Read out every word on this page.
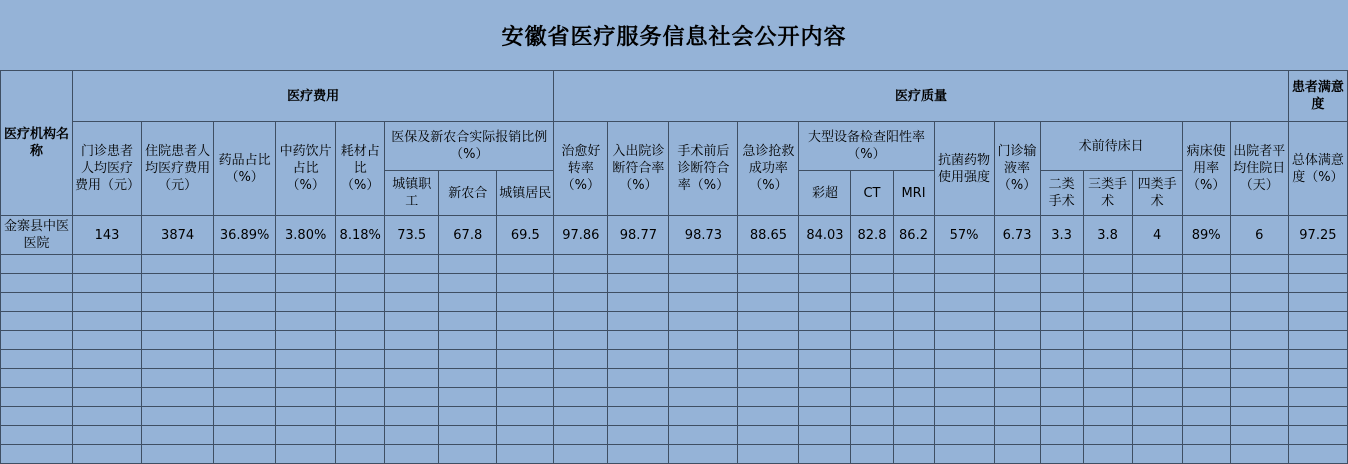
安徽省医疗服务信息社会公开内容
医疗机构名称	医疗费用								医疗质量														患者满意度

	门诊患者人均医疗费用（元）	住院患者人均医疗费用（元）	药品占比（%）	中药饮片占比（%）	耗材占比（%）	医保及新农合实际报销比例（%）			治愈好转率（%）	入出院诊断符合率（%）	手术前后诊断符合率（%）	急诊抢救成功率（%）	大型设备检查阳性率（%）			抗菌药物使用强度	门诊输液率（%）	术前待床日			病床使用率（%）	出院者平均住院日（天）	总体满意度（%）

						城镇职工	新农合	城镇居民					彩超	CT	MRI			二类手术	三类手术	四类手术			

金寨县中医医院	143	3874	36.89%	3.80%	8.18%	73.5	67.8	69.5	97.86	98.77	98.73	88.65	84.03	82.8	86.2	57%	6.73	3.3	3.8	4	89%	6	97.25
